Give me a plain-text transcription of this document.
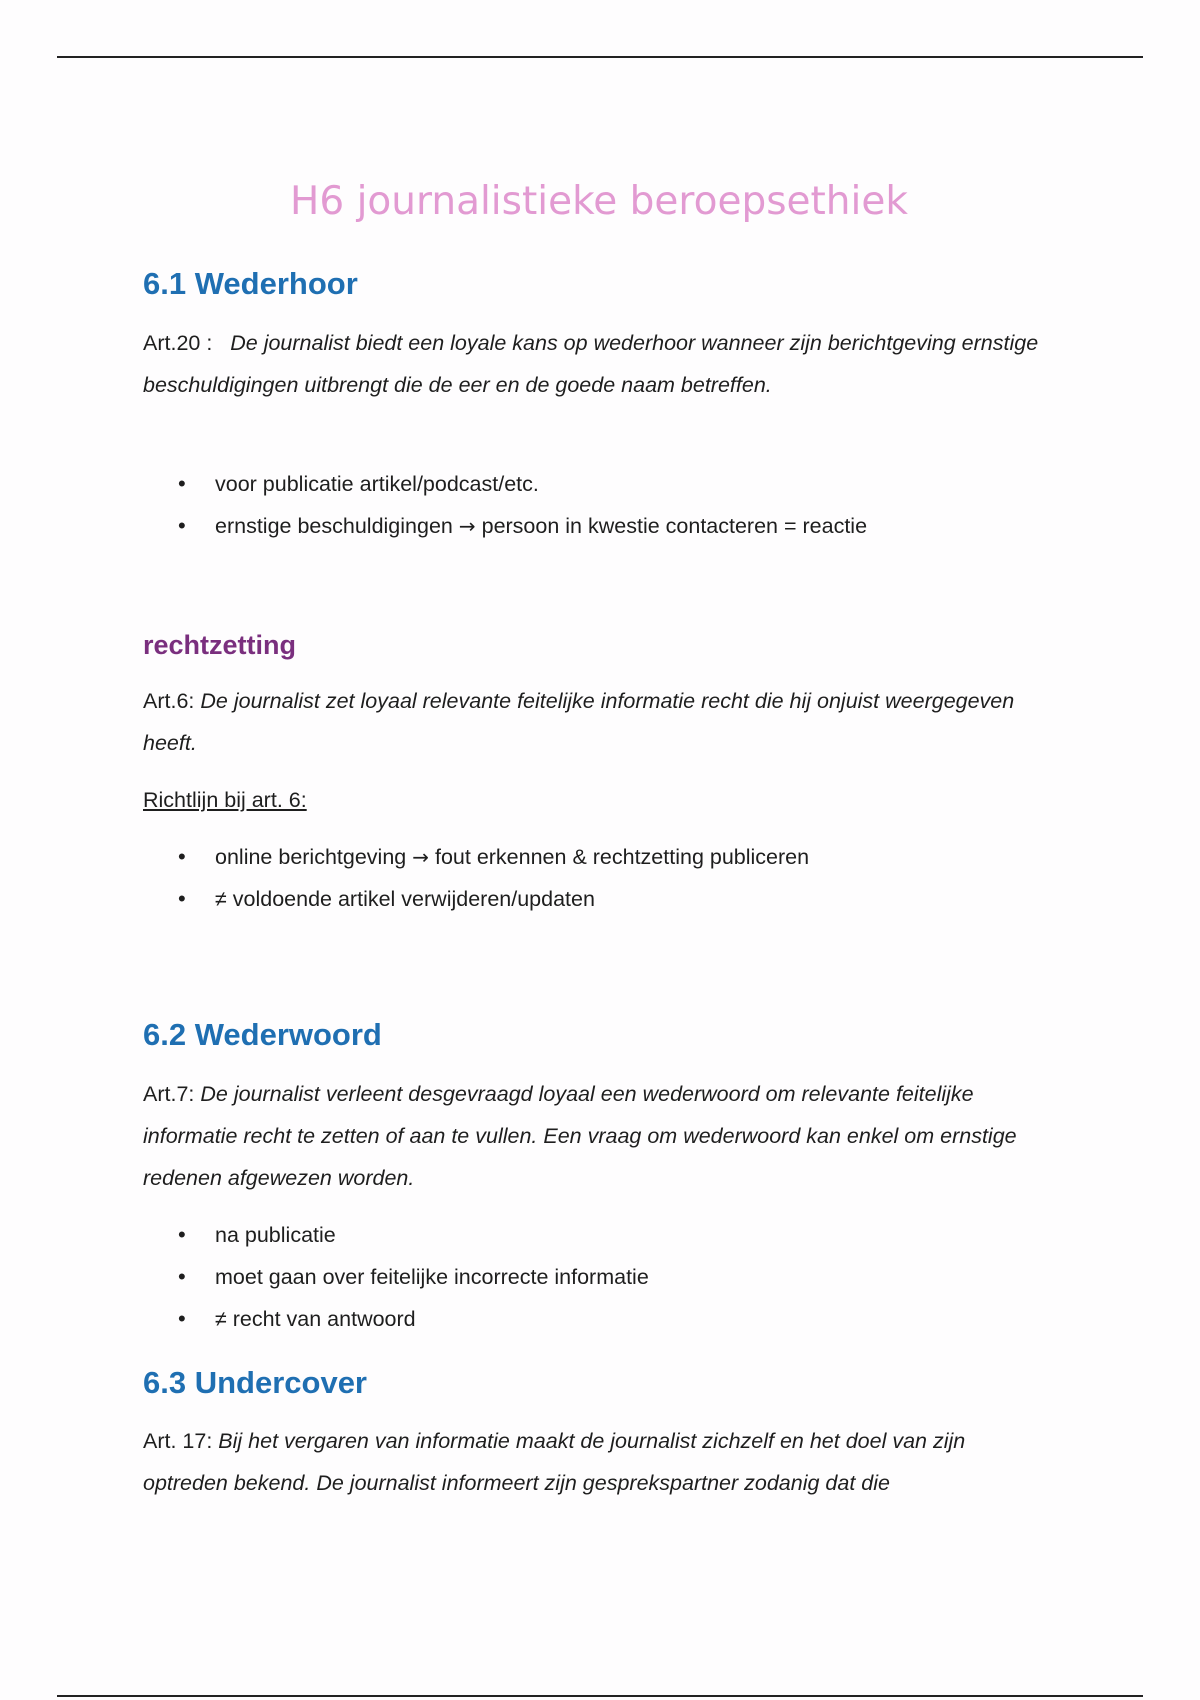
H6 journalistieke beroepsethiek
6.1 Wederhoor

Art.20 : De journalist biedt een loyale kans op wederhoor wanneer zijn berichtgeving ernstige beschuldigingen uitbrengt die de eer en de goede naam betreffen.

• voor publicatie artikel/podcast/etc.
• ernstige beschuldigingen → persoon in kwestie contacteren = reactie
rechtzetting

Art.6: De journalist zet loyaal relevante feitelijke informatie recht die hij onjuist weergegeven heeft.

Richtlijn bij art. 6:

• online berichtgeving → fout erkennen & rechtzetting publiceren
• ≠ voldoende artikel verwijderen/updaten
6.2 Wederwoord

Art.7: De journalist verleent desgevraagd loyaal een wederwoord om relevante feitelijke informatie recht te zetten of aan te vullen. Een vraag om wederwoord kan enkel om ernstige redenen afgewezen worden.

• na publicatie
• moet gaan over feitelijke incorrecte informatie
• ≠ recht van antwoord
6.3 Undercover

Art. 17: Bij het vergaren van informatie maakt de journalist zichzelf en het doel van zijn optreden bekend. De journalist informeert zijn gesprekspartner zodanig dat die
